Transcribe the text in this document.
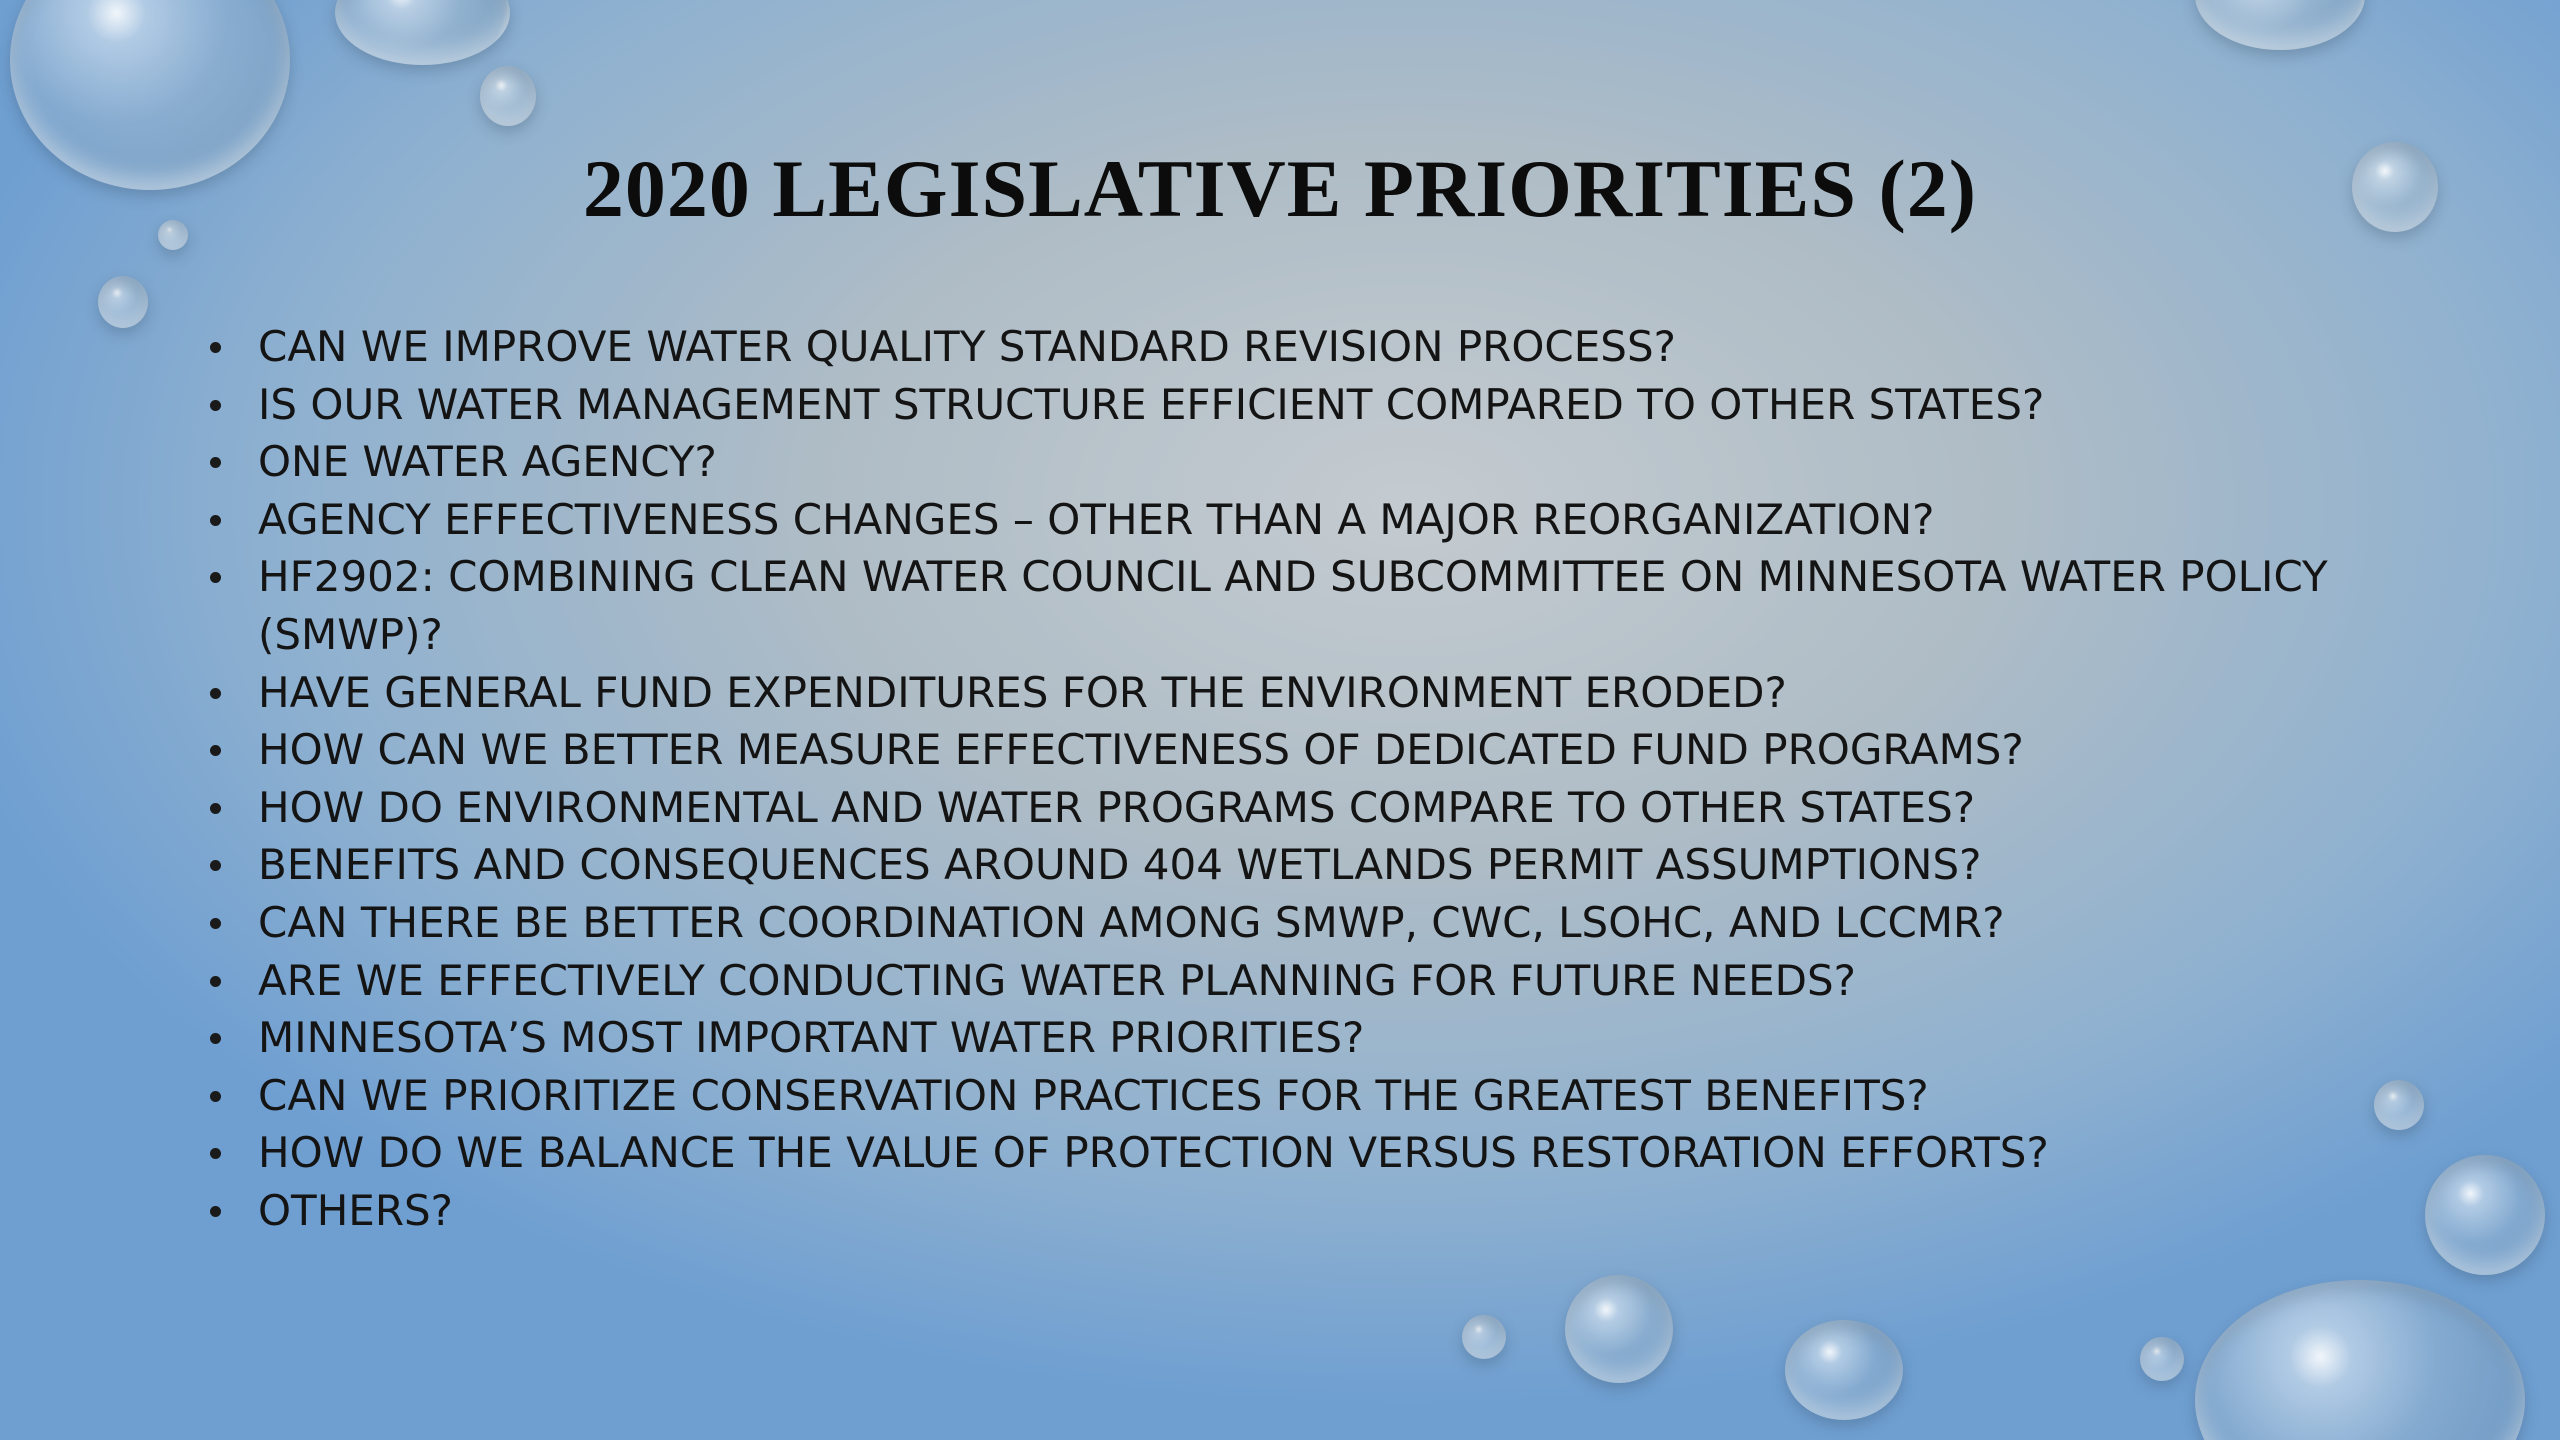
2020 LEGISLATIVE PRIORITIES (2)
CAN WE IMPROVE WATER QUALITY STANDARD REVISION PROCESS?
IS OUR WATER MANAGEMENT STRUCTURE EFFICIENT COMPARED TO OTHER STATES?
ONE WATER AGENCY?
AGENCY EFFECTIVENESS CHANGES – OTHER THAN A MAJOR REORGANIZATION?
HF2902: COMBINING CLEAN WATER COUNCIL AND SUBCOMMITTEE ON MINNESOTA WATER POLICY (SMWP)?
HAVE GENERAL FUND EXPENDITURES FOR THE ENVIRONMENT ERODED?
HOW CAN WE BETTER MEASURE EFFECTIVENESS OF DEDICATED FUND PROGRAMS?
HOW DO ENVIRONMENTAL AND WATER PROGRAMS COMPARE TO OTHER STATES?
BENEFITS AND CONSEQUENCES AROUND 404 WETLANDS PERMIT ASSUMPTIONS?
CAN THERE BE BETTER COORDINATION AMONG SMWP, CWC, LSOHC, AND LCCMR?
ARE WE EFFECTIVELY CONDUCTING WATER PLANNING FOR FUTURE NEEDS?
MINNESOTA’S MOST IMPORTANT WATER PRIORITIES?
CAN WE PRIORITIZE CONSERVATION PRACTICES FOR THE GREATEST BENEFITS?
HOW DO WE BALANCE THE VALUE OF PROTECTION VERSUS RESTORATION EFFORTS?
OTHERS?
